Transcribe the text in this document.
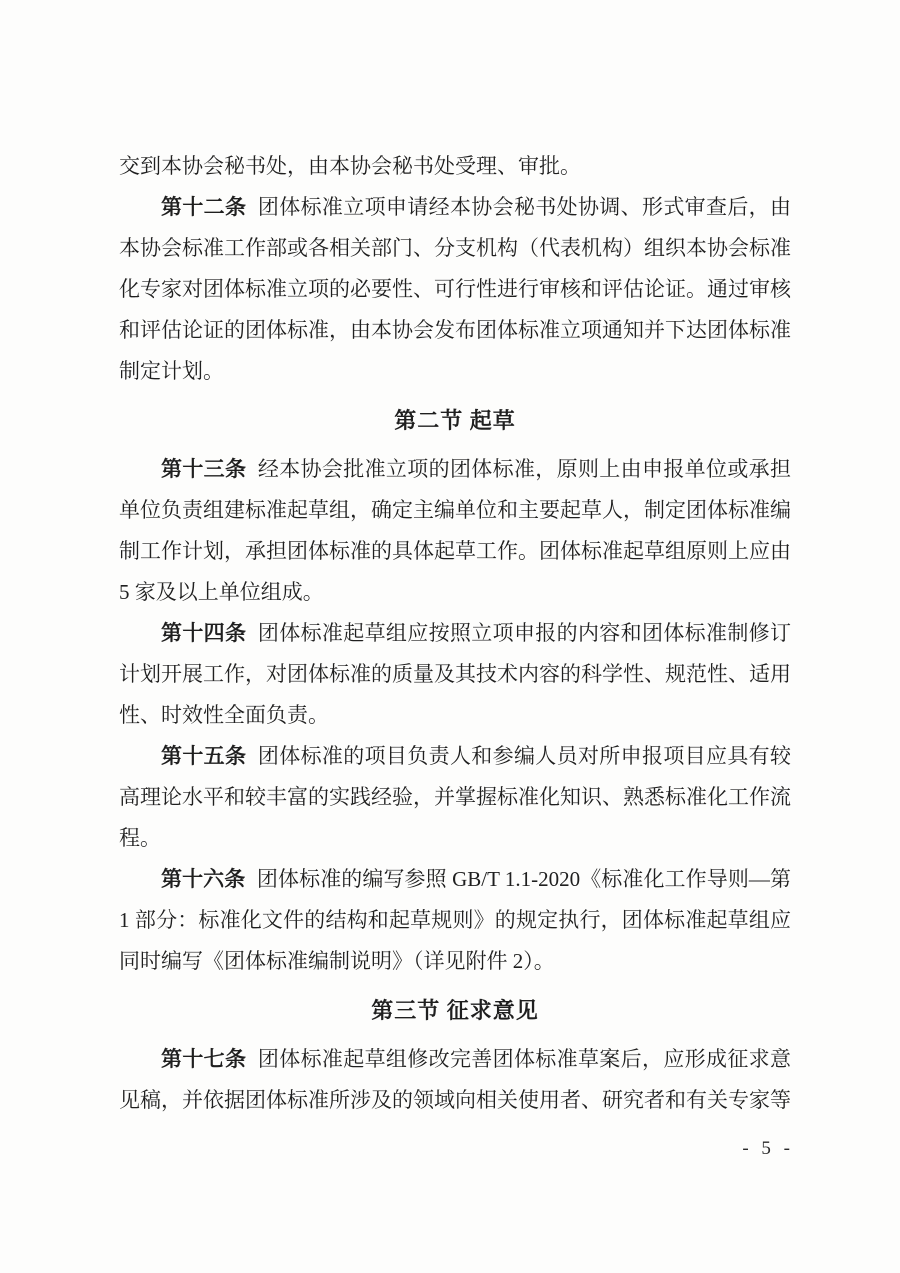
交到本协会秘书处，由本协会秘书处受理、审批。

第十二条 团体标准立项申请经本协会秘书处协调、形式审查后，由本协会标准工作部或各相关部门、分支机构（代表机构）组织本协会标准化专家对团体标准立项的必要性、可行性进行审核和评估论证。通过审核和评估论证的团体标准，由本协会发布团体标准立项通知并下达团体标准制定计划。

第二节 起草

第十三条 经本协会批准立项的团体标准，原则上由申报单位或承担单位负责组建标准起草组，确定主编单位和主要起草人，制定团体标准编制工作计划，承担团体标准的具体起草工作。团体标准起草组原则上应由 5 家及以上单位组成。

第十四条 团体标准起草组应按照立项申报的内容和团体标准制修订计划开展工作，对团体标准的质量及其技术内容的科学性、规范性、适用性、时效性全面负责。

第十五条 团体标准的项目负责人和参编人员对所申报项目应具有较高理论水平和较丰富的实践经验，并掌握标准化知识、熟悉标准化工作流程。

第十六条 团体标准的编写参照 GB/T 1.1-2020《标准化工作导则—第 1 部分：标准化文件的结构和起草规则》的规定执行，团体标准起草组应同时编写《团体标准编制说明》（详见附件 2）。

第三节 征求意见

第十七条 团体标准起草组修改完善团体标准草案后，应形成征求意见稿，并依据团体标准所涉及的领域向相关使用者、研究者和有关专家等

- 5 -
